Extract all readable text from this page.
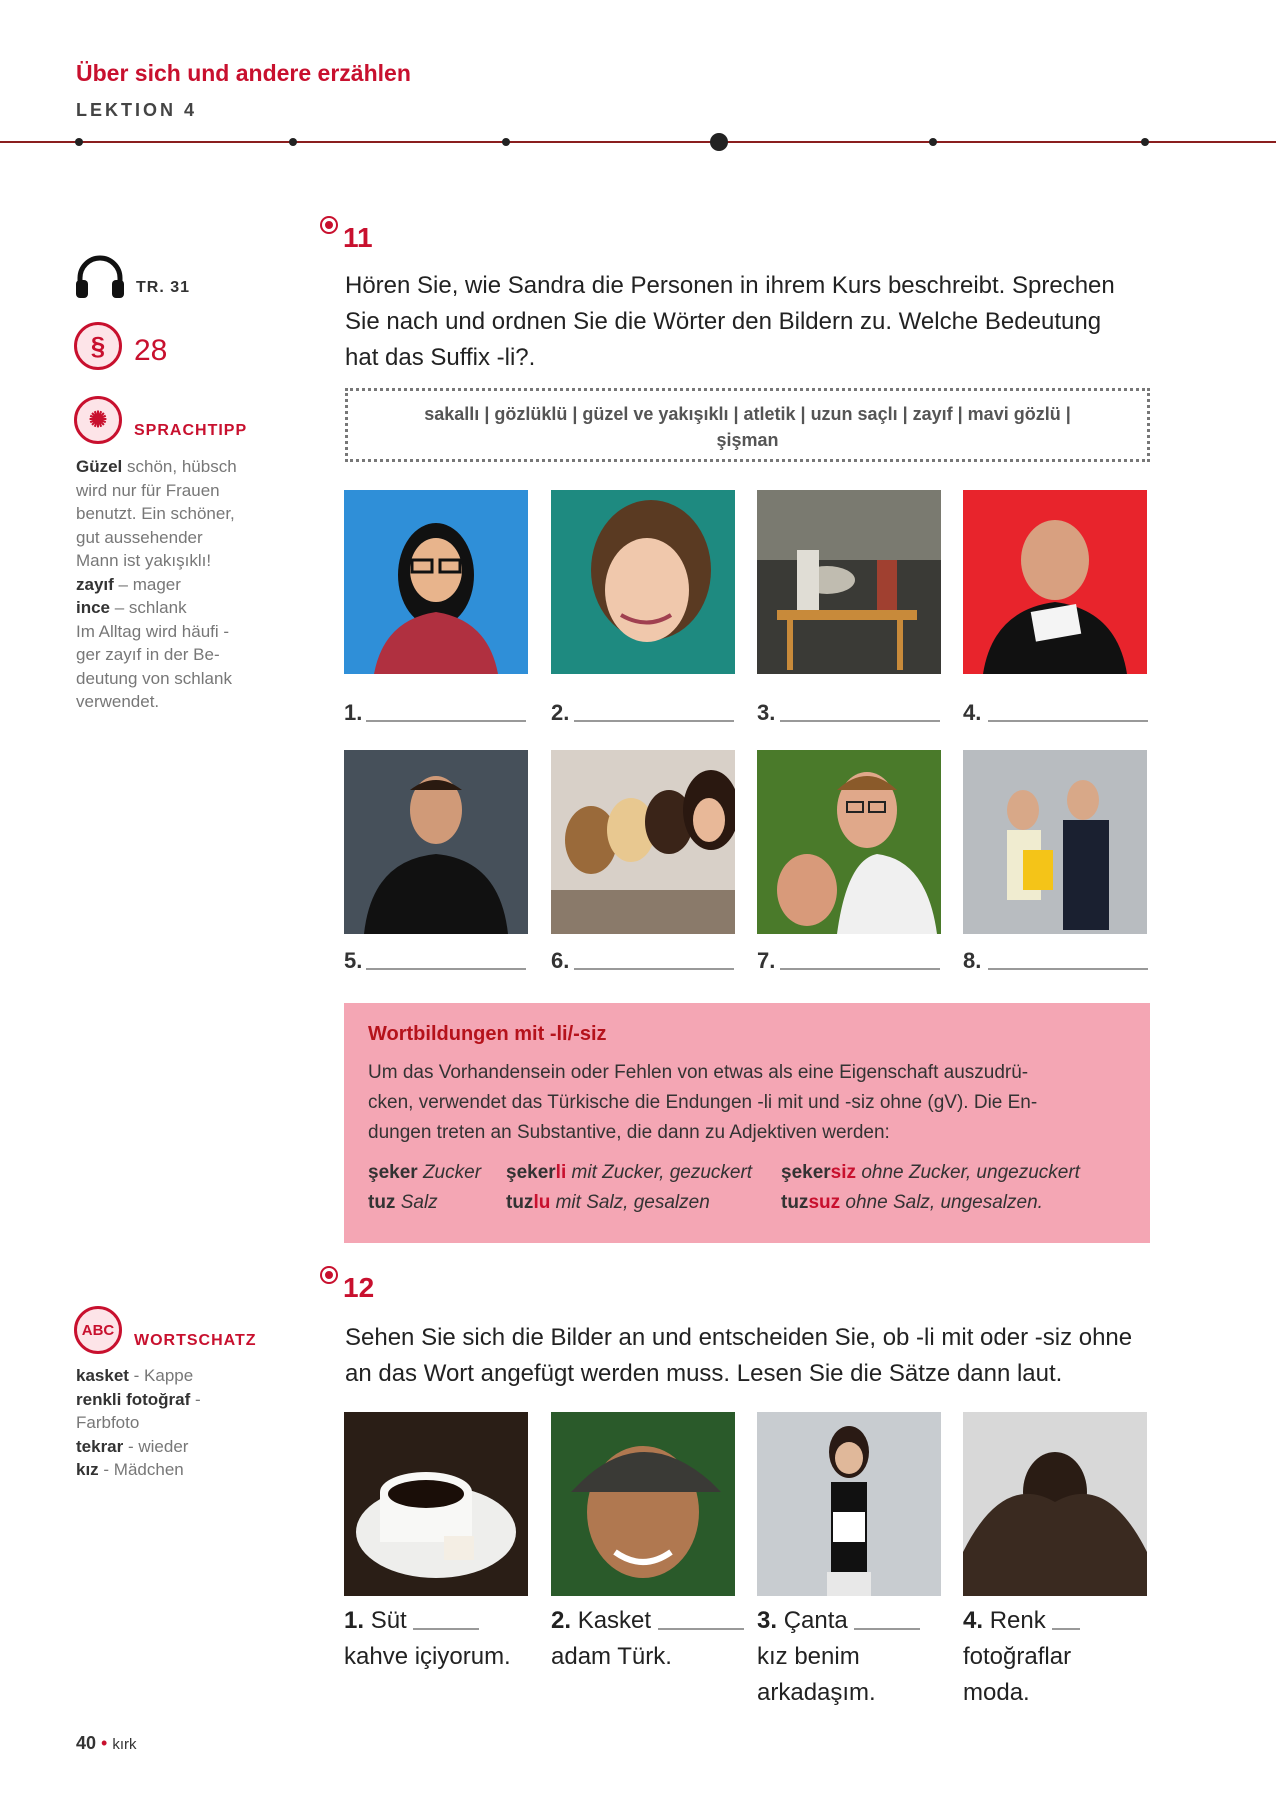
Über sich und andere erzählen
LEKTION 4
TR. 31
§ 28
✺	SPRACHTIPP
Güzel schön, hübsch
wird nur für Frauen
benutzt. Ein schöner,
gut aussehender
Mann ist yakışıklı!
zayıf – mager
ince – schlank
Im Alltag wird häufi -
ger zayıf in der Be-
deutung von schlank
verwendet.
ABC
WORTSCHATZ
kasket - Kappe
renkli fotoğraf -
Farbfoto
tekrar - wieder
kız - Mädchen
11
Hören Sie, wie Sandra die Personen in ihrem Kurs beschreibt. Sprechen
Sie nach und ordnen Sie die Wörter den Bildern zu. Welche Bedeutung
hat das Suffix -li?.
sakallı | gözlüklü | güzel ve yakışıklı | atletik | uzun saçlı | zayıf | mavi gözlü |
şişman
1.	2.	3.	4.
5.	6.	7.	8.
Wortbildungen mit -li/-siz
Um das Vorhandensein oder Fehlen von etwas als eine Eigenschaft auszudrü-
cken, verwendet das Türkische die Endungen -li mit und -siz ohne (gV). Die En-
dungen treten an Substantive, die dann zu Adjektiven werden:
şeker Zucker	şekerli mit Zucker, gezuckert	şekersiz ohne Zucker, ungezuckert
tuz Salz	tuzlu mit Salz, gesalzen	tuzsuz ohne Salz, ungesalzen.
12
Sehen Sie sich die Bilder an und entscheiden Sie, ob -li mit oder -siz ohne
an das Wort angefügt werden muss. Lesen Sie die Sätze dann laut.
1. Süt
kahve içiyorum.
2. Kasket
adam Türk.
3. Çanta
kız benim
arkadaşım.
4. Renk
fotoğraflar
moda.
40 • kırk
